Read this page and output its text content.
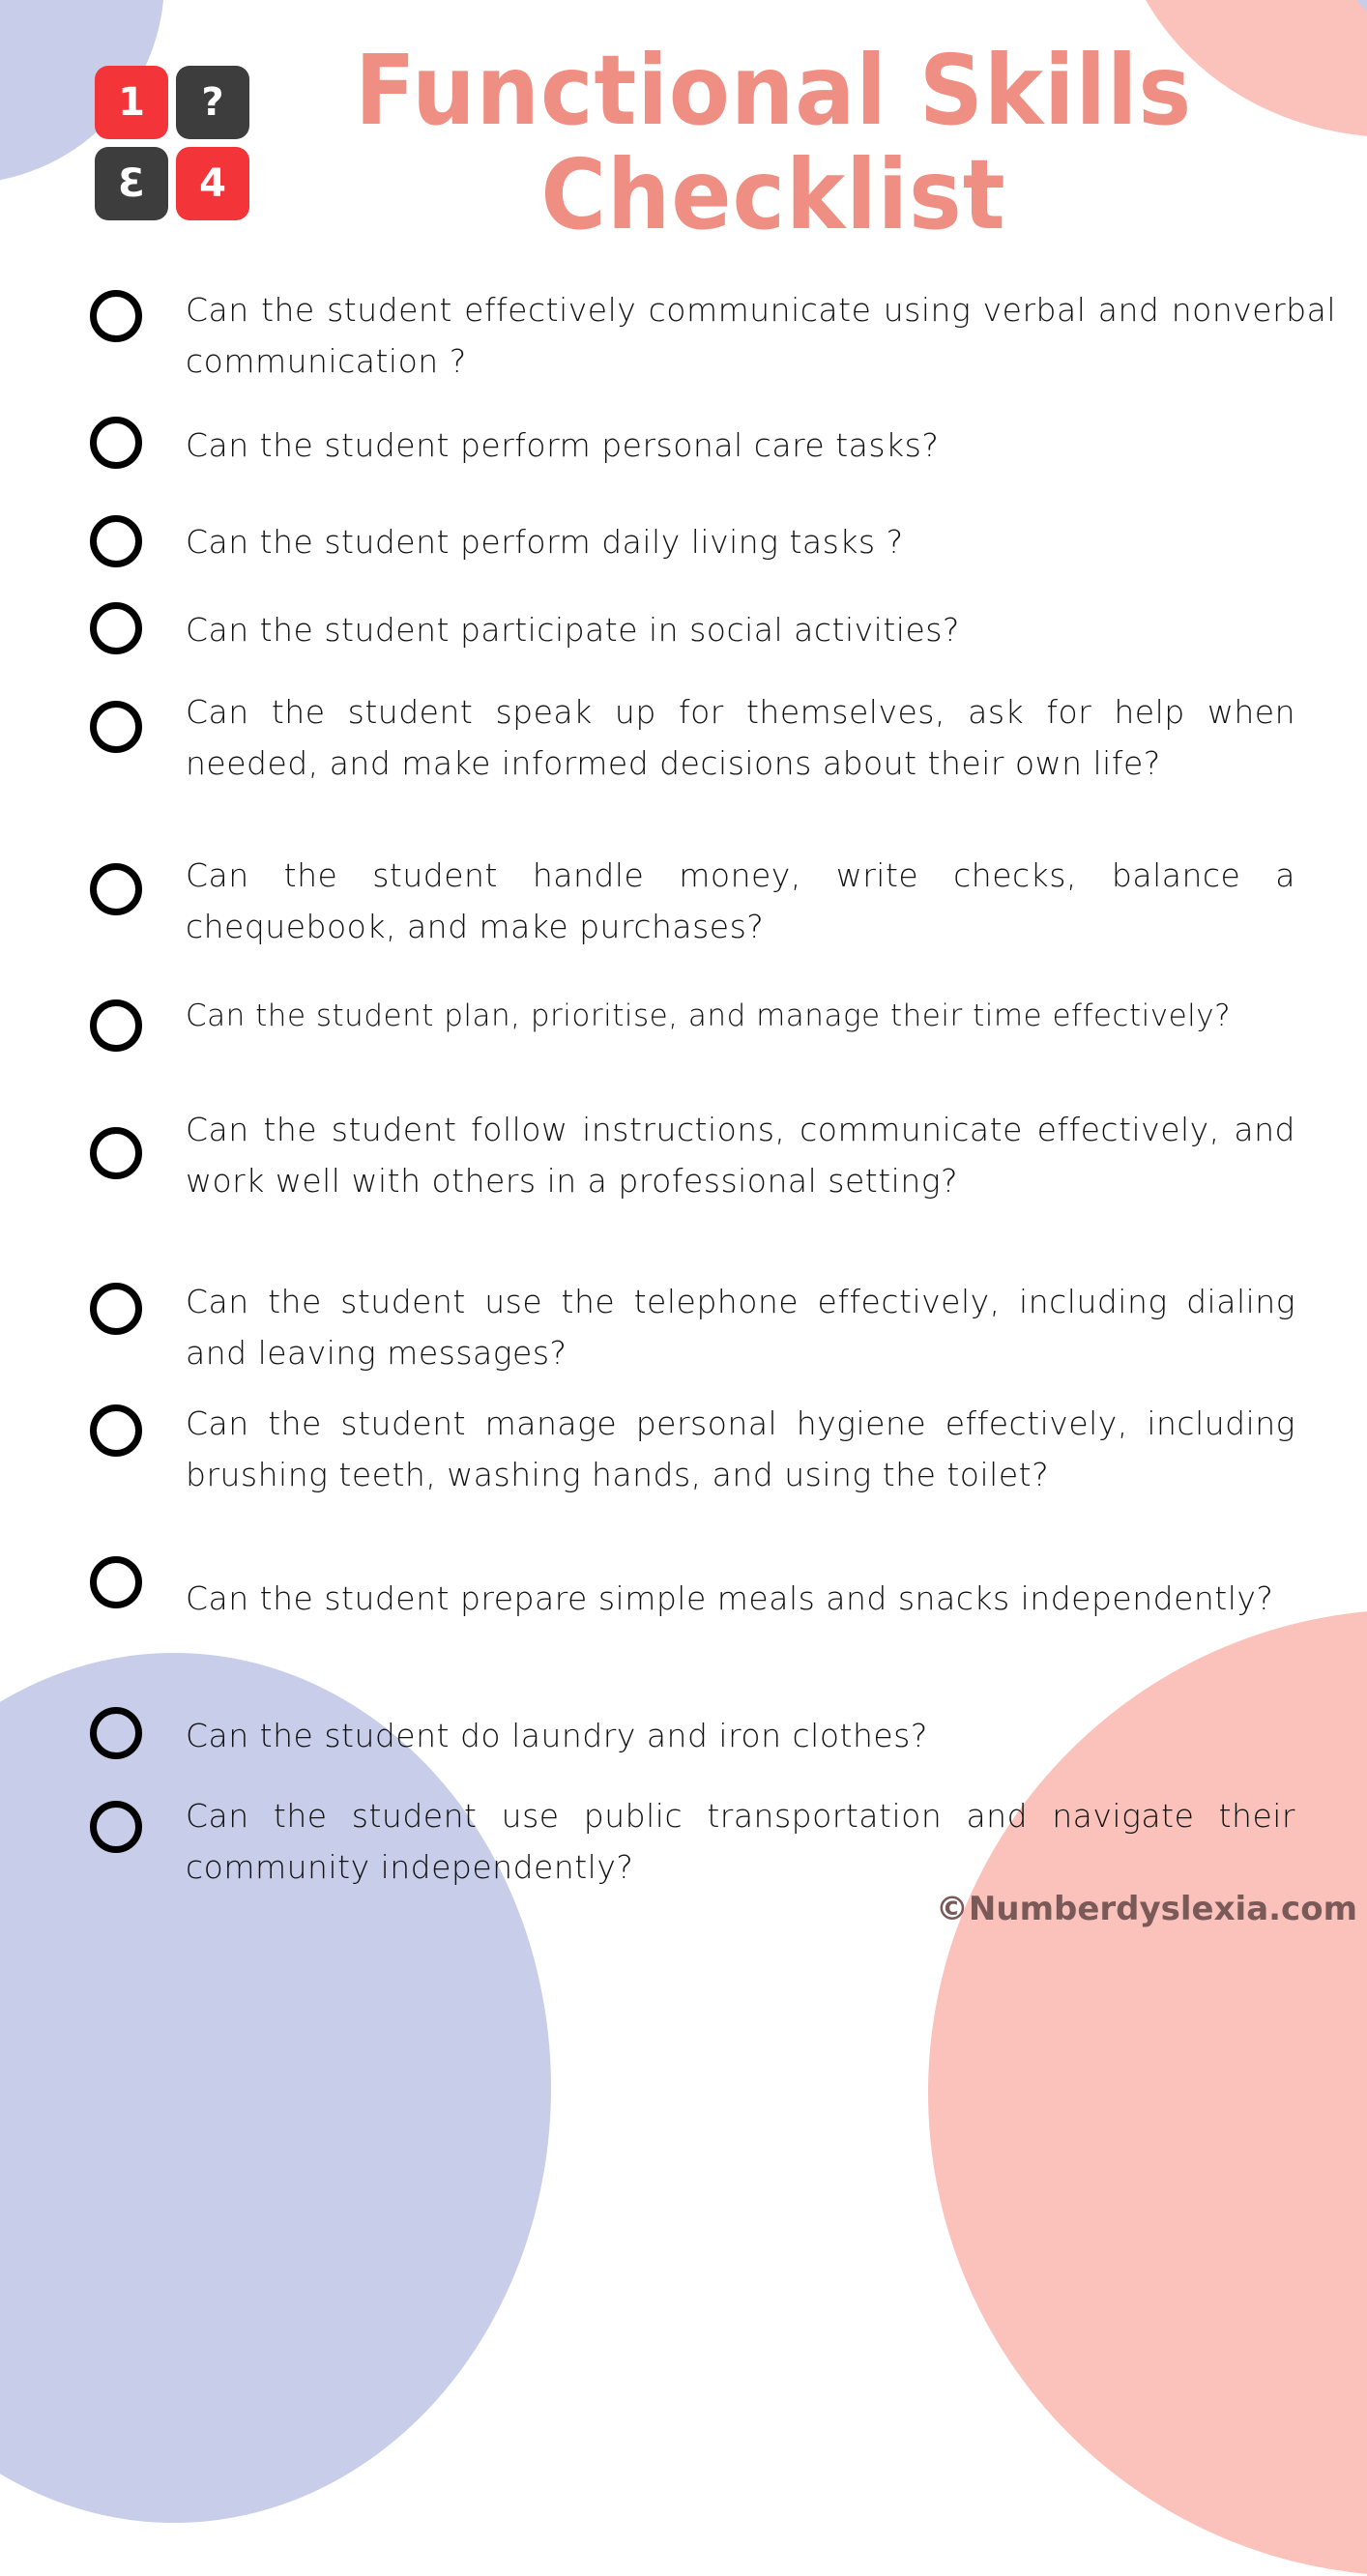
1	?
Ɛ	4
Functional Skills
Checklist
Can the student effectively communicate using verbal and nonverbal communication ?
Can the student perform personal care tasks?
Can the student perform daily living tasks ?
Can the student participate in social activities?
Can the student speak up for themselves, ask for help when needed, and make informed decisions about their own life?
Can the student handle money, write checks, balance a chequebook, and make purchases?
Can the student plan, prioritise, and manage their time effectively?
Can the student follow instructions, communicate effectively, and work well with others in a professional setting?
Can the student use the telephone effectively, including dialing and leaving messages?
Can the student manage personal hygiene effectively, including brushing teeth, washing hands, and using the toilet?
Can the student prepare simple meals and snacks independently?
Can the student do laundry and iron clothes?
Can the student use public transportation and navigate their community independently?
©Numberdyslexia.com
